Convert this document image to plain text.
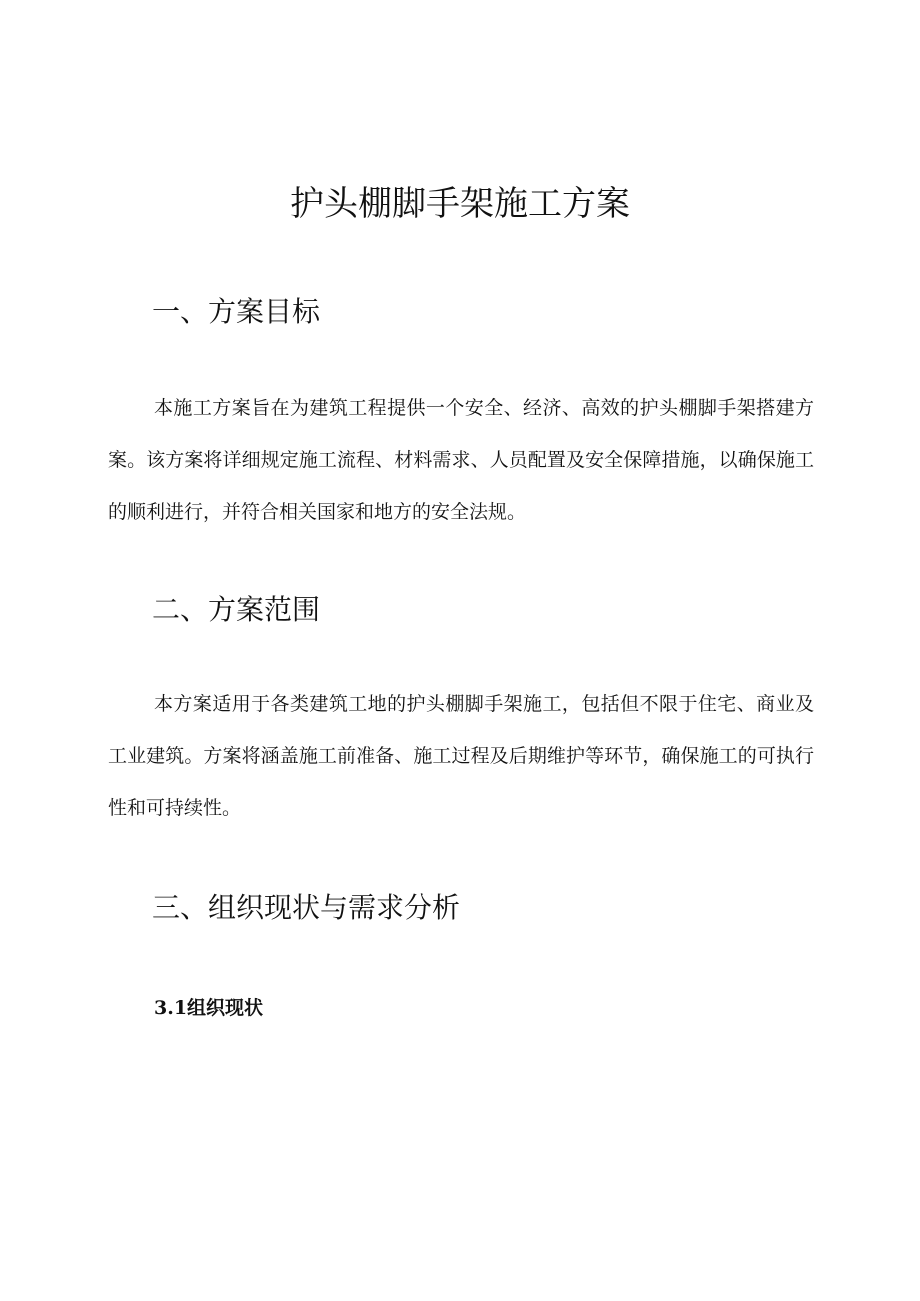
护头棚脚手架施工方案
一、方案目标

本施工方案旨在为建筑工程提供一个安全、经济、高效的护头棚脚手架搭建方案。该方案将详细规定施工流程、材料需求、人员配置及安全保障措施，以确保施工的顺利进行，并符合相关国家和地方的安全法规。

二、方案范围

本方案适用于各类建筑工地的护头棚脚手架施工，包括但不限于住宅、商业及工业建筑。方案将涵盖施工前准备、施工过程及后期维护等环节，确保施工的可执行性和可持续性。

三、组织现状与需求分析
3.1组织现状
